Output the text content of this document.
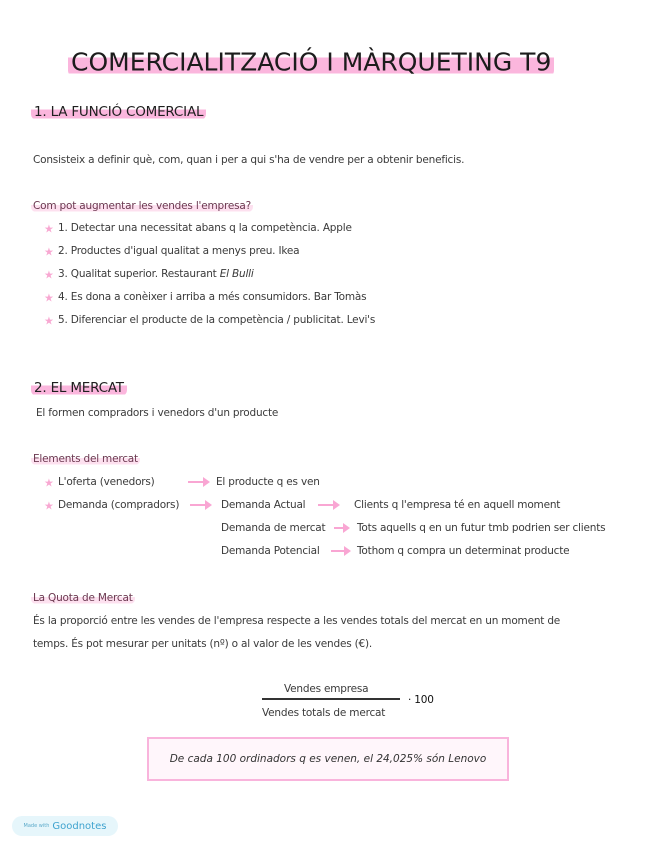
COMERCIALITZACIÓ I MÀRQUETING T9
1. LA FUNCIÓ COMERCIAL
Consisteix a definir què, com, quan i per a qui s'ha de vendre per a obtenir beneficis.
Com pot augmentar les vendes l'empresa?
★ 1. Detectar una necessitat abans q la competència. Apple
★ 2. Productes d'igual qualitat a menys preu. Ikea
★ 3. Qualitat superior. Restaurant El Bulli
★ 4. Es dona a conèixer i arriba a més consumidors. Bar Tomàs
★ 5. Diferenciar el producte de la competència / publicitat. Levi's
2. EL MERCAT
El formen compradors i venedors d'un producte
Elements del mercat
★ L'oferta (venedors)	El producte q es ven
★ Demanda (compradors)	Demanda Actual	Clients q l'empresa té en aquell moment
Demanda de mercat	Tots aquells q en un futur tmb podrien ser clients
Demanda Potencial	Tothom q compra un determinat producte
La Quota de Mercat
És la proporció entre les vendes de l'empresa respecte a les vendes totals del mercat en un moment de
temps. És pot mesurar per unitats (nº) o al valor de les vendes (€).
Vendes empresa
Vendes totals de mercat
· 100
De cada 100 ordinadors q es venen, el 24,025% són Lenovo
Made with Goodnotes
